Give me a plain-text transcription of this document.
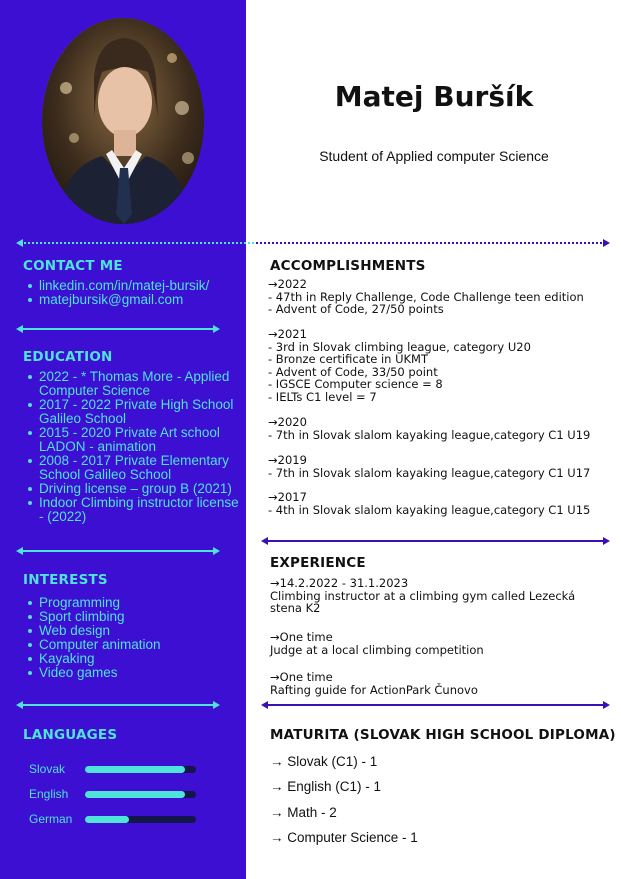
CONTACT ME
linkedin.com/in/matej-bursik/
matejbursik@gmail.com
EDUCATION
2022 - * Thomas More - Applied Computer Science
2017 - 2022 Private High School Galileo School
2015 - 2020 Private Art school LADON - animation
2008 - 2017 Private Elementary School Galileo School
Driving license – group B (2021)
Indoor Climbing instructor license - (2022)
INTERESTS
Programming
Sport climbing
Web design
Computer animation
Kayaking
Video games
LANGUAGES
Slovak
English
German
Matej Buršík
Student of Applied computer Science
ACCOMPLISHMENTS
→2022
- 47th in Reply Challenge, Code Challenge teen edition
- Advent of Code, 27/50 points
→2021
- 3rd in Slovak climbing league, category U20
- Bronze certificate in UKMT
- Advent of Code, 33/50 point
- IGSCE Computer science = 8
- IELTs C1 level = 7
→2020
- 7th in Slovak slalom kayaking league,category C1 U19
→2019
- 7th in Slovak slalom kayaking league,category C1 U17
→2017
- 4th in Slovak slalom kayaking league,category C1 U15
EXPERIENCE
→14.2.2022 - 31.1.2023
Climbing instructor at a climbing gym called Lezecká stena K2
→One time
Judge at a local climbing competition
→One time
Rafting guide for ActionPark Čunovo
MATURITA (SLOVAK HIGH SCHOOL DIPLOMA)
→ Slovak (C1) - 1
→ English (C1) - 1
→ Math - 2
→ Computer Science - 1
